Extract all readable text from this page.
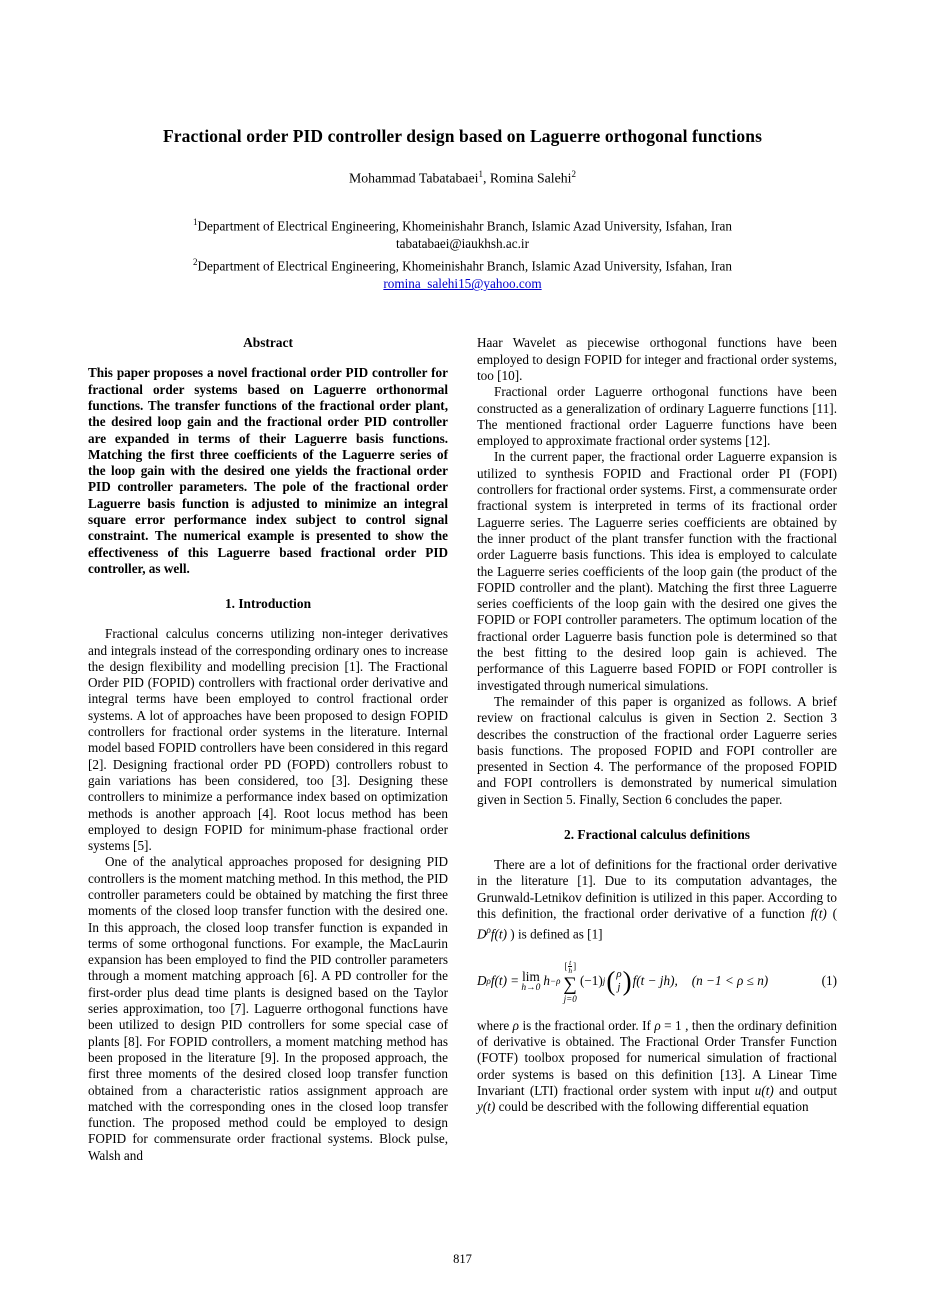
Fractional order PID controller design based on Laguerre orthogonal functions
Mohammad Tabatabaei$^1$, Romina Salehi$^2$
$^1$Department of Electrical Engineering, Khomeinishahr Branch, Islamic Azad University, Isfahan, Iran
tabatabaei@iaukhsh.ac.ir
$^2$Department of Electrical Engineering, Khomeinishahr Branch, Islamic Azad University, Isfahan, Iran
romina_salehi15@yahoo.com
Abstract

This paper proposes a novel fractional order PID controller for fractional order systems based on Laguerre orthonormal functions. The transfer functions of the fractional order plant, the desired loop gain and the fractional order PID controller are expanded in terms of their Laguerre basis functions. Matching the first three coefficients of the Laguerre series of the loop gain with the desired one yields the fractional order PID controller parameters. The pole of the fractional order Laguerre basis function is adjusted to minimize an integral square error performance index subject to control signal constraint. The numerical example is presented to show the effectiveness of this Laguerre based fractional order PID controller, as well.

1. Introduction

Fractional calculus concerns utilizing non-integer derivatives and integrals instead of the corresponding ordinary ones to increase the design flexibility and modelling precision [1]. The Fractional Order PID (FOPID) controllers with fractional order derivative and integral terms have been employed to control fractional order systems. A lot of approaches have been proposed to design FOPID controllers for fractional order systems in the literature. Internal model based FOPID controllers have been considered in this regard [2]. Designing fractional order PD (FOPD) controllers robust to gain variations has been considered, too [3]. Designing these controllers to minimize a performance index based on optimization methods is another approach [4]. Root locus method has been employed to design FOPID for minimum-phase fractional order systems [5].

One of the analytical approaches proposed for designing PID controllers is the moment matching method. In this method, the PID controller parameters could be obtained by matching the first three moments of the closed loop transfer function with the desired one. In this approach, the closed loop transfer function is expanded in terms of some orthogonal functions. For example, the MacLaurin expansion has been employed to find the PID controller parameters through a moment matching approach [6]. A PD controller for the first-order plus dead time plants is designed based on the Taylor series approximation, too [7]. Laguerre orthogonal functions have been utilized to design PID controllers for some special case of plants [8]. For FOPID controllers, a moment matching method has been proposed in the literature [9]. In the proposed approach, the first three moments of the desired closed loop transfer function obtained from a characteristic ratios assignment approach are matched with the corresponding ones in the closed loop transfer function. The proposed method could be employed to design FOPID for commensurate order fractional systems. Block pulse, Walsh and

Haar Wavelet as piecewise orthogonal functions have been employed to design FOPID for integer and fractional order systems, too [10].

Fractional order Laguerre orthogonal functions have been constructed as a generalization of ordinary Laguerre functions [11]. The mentioned fractional order Laguerre functions have been employed to approximate fractional order systems [12].

In the current paper, the fractional order Laguerre expansion is utilized to synthesis FOPID and Fractional order PI (FOPI) controllers for fractional order systems. First, a commensurate order fractional system is interpreted in terms of its fractional order Laguerre series. The Laguerre series coefficients are obtained by the inner product of the plant transfer function with the fractional order Laguerre basis functions. This idea is employed to calculate the Laguerre series coefficients of the loop gain (the product of the FOPID controller and the plant). Matching the first three Laguerre series coefficients of the loop gain with the desired one gives the FOPID or FOPI controller parameters. The optimum location of the fractional order Laguerre basis function pole is determined so that the best fitting to the desired loop gain is achieved. The performance of this Laguerre based FOPID or FOPI controller is investigated through numerical simulations.

The remainder of this paper is organized as follows. A brief review on fractional calculus is given in Section 2. Section 3 describes the construction of the fractional order Laguerre series basis functions. The proposed FOPID and FOPI controller are presented in Section 4. The performance of the proposed FOPID and FOPI controllers is demonstrated by numerical simulation given in Section 5. Finally, Section 6 concludes the paper.

2. Fractional calculus definitions

There are a lot of definitions for the fractional order derivative in the literature [1]. Due to its computation advantages, the Grunwald-Letnikov definition is utilized in this paper. According to this definition, the fractional order derivative of a function f(t) ( $D^\rho f(t)$ ) is defined as [1]

D ρ f(t) = lim
h→0 h −ρ
[ $\frac{t}{h}$ ]
∑
j=0
(−1) j ( ρ
j ) f(t − jh), (n −1 < ρ ≤ n)	(1)

where ρ is the fractional order. If ρ = 1 , then the ordinary definition of derivative is obtained. The Fractional Order Transfer Function (FOTF) toolbox proposed for numerical simulation of fractional order systems is based on this definition [13]. A Linear Time Invariant (LTI) fractional order system with input u(t) and output y(t) could be described with the following differential equation

817
